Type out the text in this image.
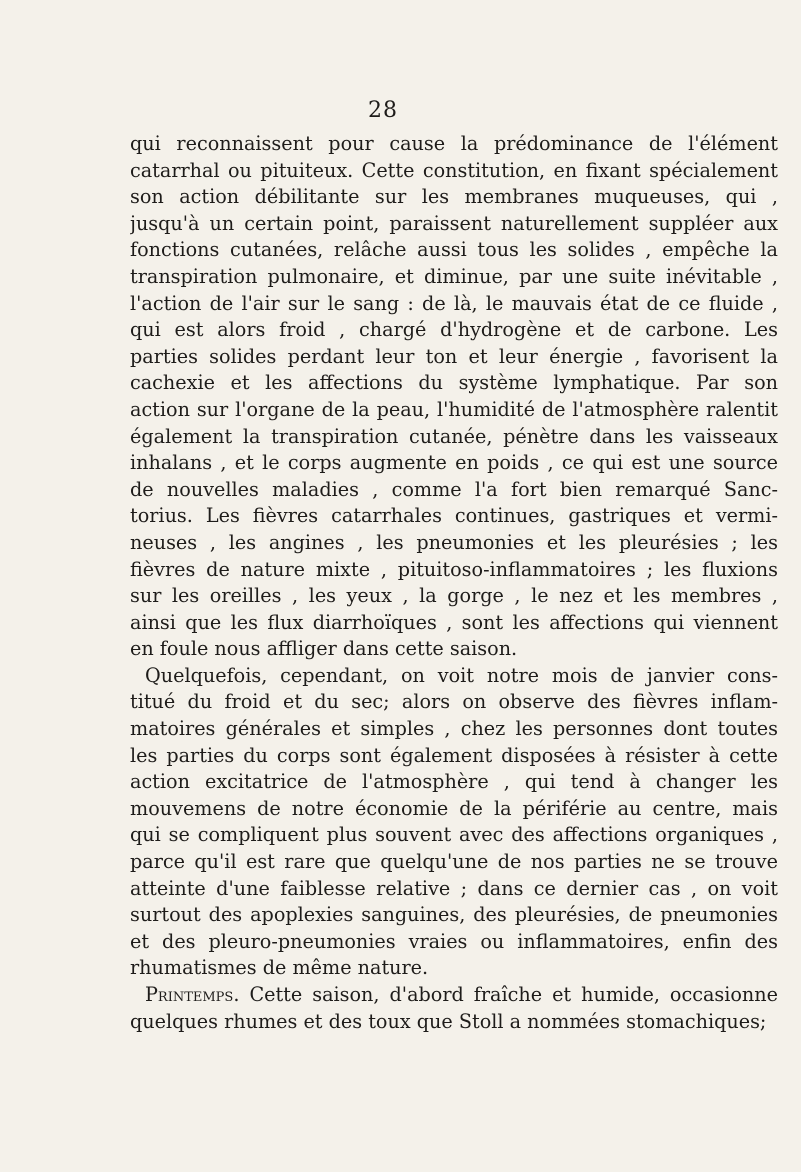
28
qui reconnaissent pour cause la prédominance de l'élément
catarrhal ou pituiteux. Cette constitution, en fixant spécialement
son action débilitante sur les membranes muqueuses, qui ,
jusqu'à un certain point, paraissent naturellement suppléer aux
fonctions cutanées, relâche aussi tous les solides , empêche la
transpiration pulmonaire, et diminue, par une suite inévitable ,
l'action de l'air sur le sang : de là, le mauvais état de ce fluide ,
qui est alors froid , chargé d'hydrogène et de carbone. Les
parties solides perdant leur ton et leur énergie , favorisent la
cachexie et les affections du système lymphatique. Par son
action sur l'organe de la peau, l'humidité de l'atmosphère ralentit
également la transpiration cutanée, pénètre dans les vaisseaux
inhalans , et le corps augmente en poids , ce qui est une source
de nouvelles maladies , comme l'a fort bien remarqué Sanc-
torius. Les fièvres catarrhales continues, gastriques et vermi-
neuses , les angines , les pneumonies et les pleurésies ; les
fièvres de nature mixte , pituitoso-inflammatoires ; les fluxions
sur les oreilles , les yeux , la gorge , le nez et les membres ,
ainsi que les flux diarrhoïques , sont les affections qui viennent
en foule nous affliger dans cette saison.
Quelquefois, cependant, on voit notre mois de janvier cons-
titué du froid et du sec; alors on observe des fièvres inflam-
matoires générales et simples , chez les personnes dont toutes
les parties du corps sont également disposées à résister à cette
action excitatrice de l'atmosphère , qui tend à changer les
mouvemens de notre économie de la périférie au centre, mais
qui se compliquent plus souvent avec des affections organiques ,
parce qu'il est rare que quelqu'une de nos parties ne se trouve
atteinte d'une faiblesse relative ; dans ce dernier cas , on voit
surtout des apoplexies sanguines, des pleurésies, de pneumonies
et des pleuro-pneumonies vraies ou inflammatoires, enfin des
rhumatismes de même nature.
Printemps. Cette saison, d'abord fraîche et humide, occasionne
quelques rhumes et des toux que Stoll a nommées stomachiques;
